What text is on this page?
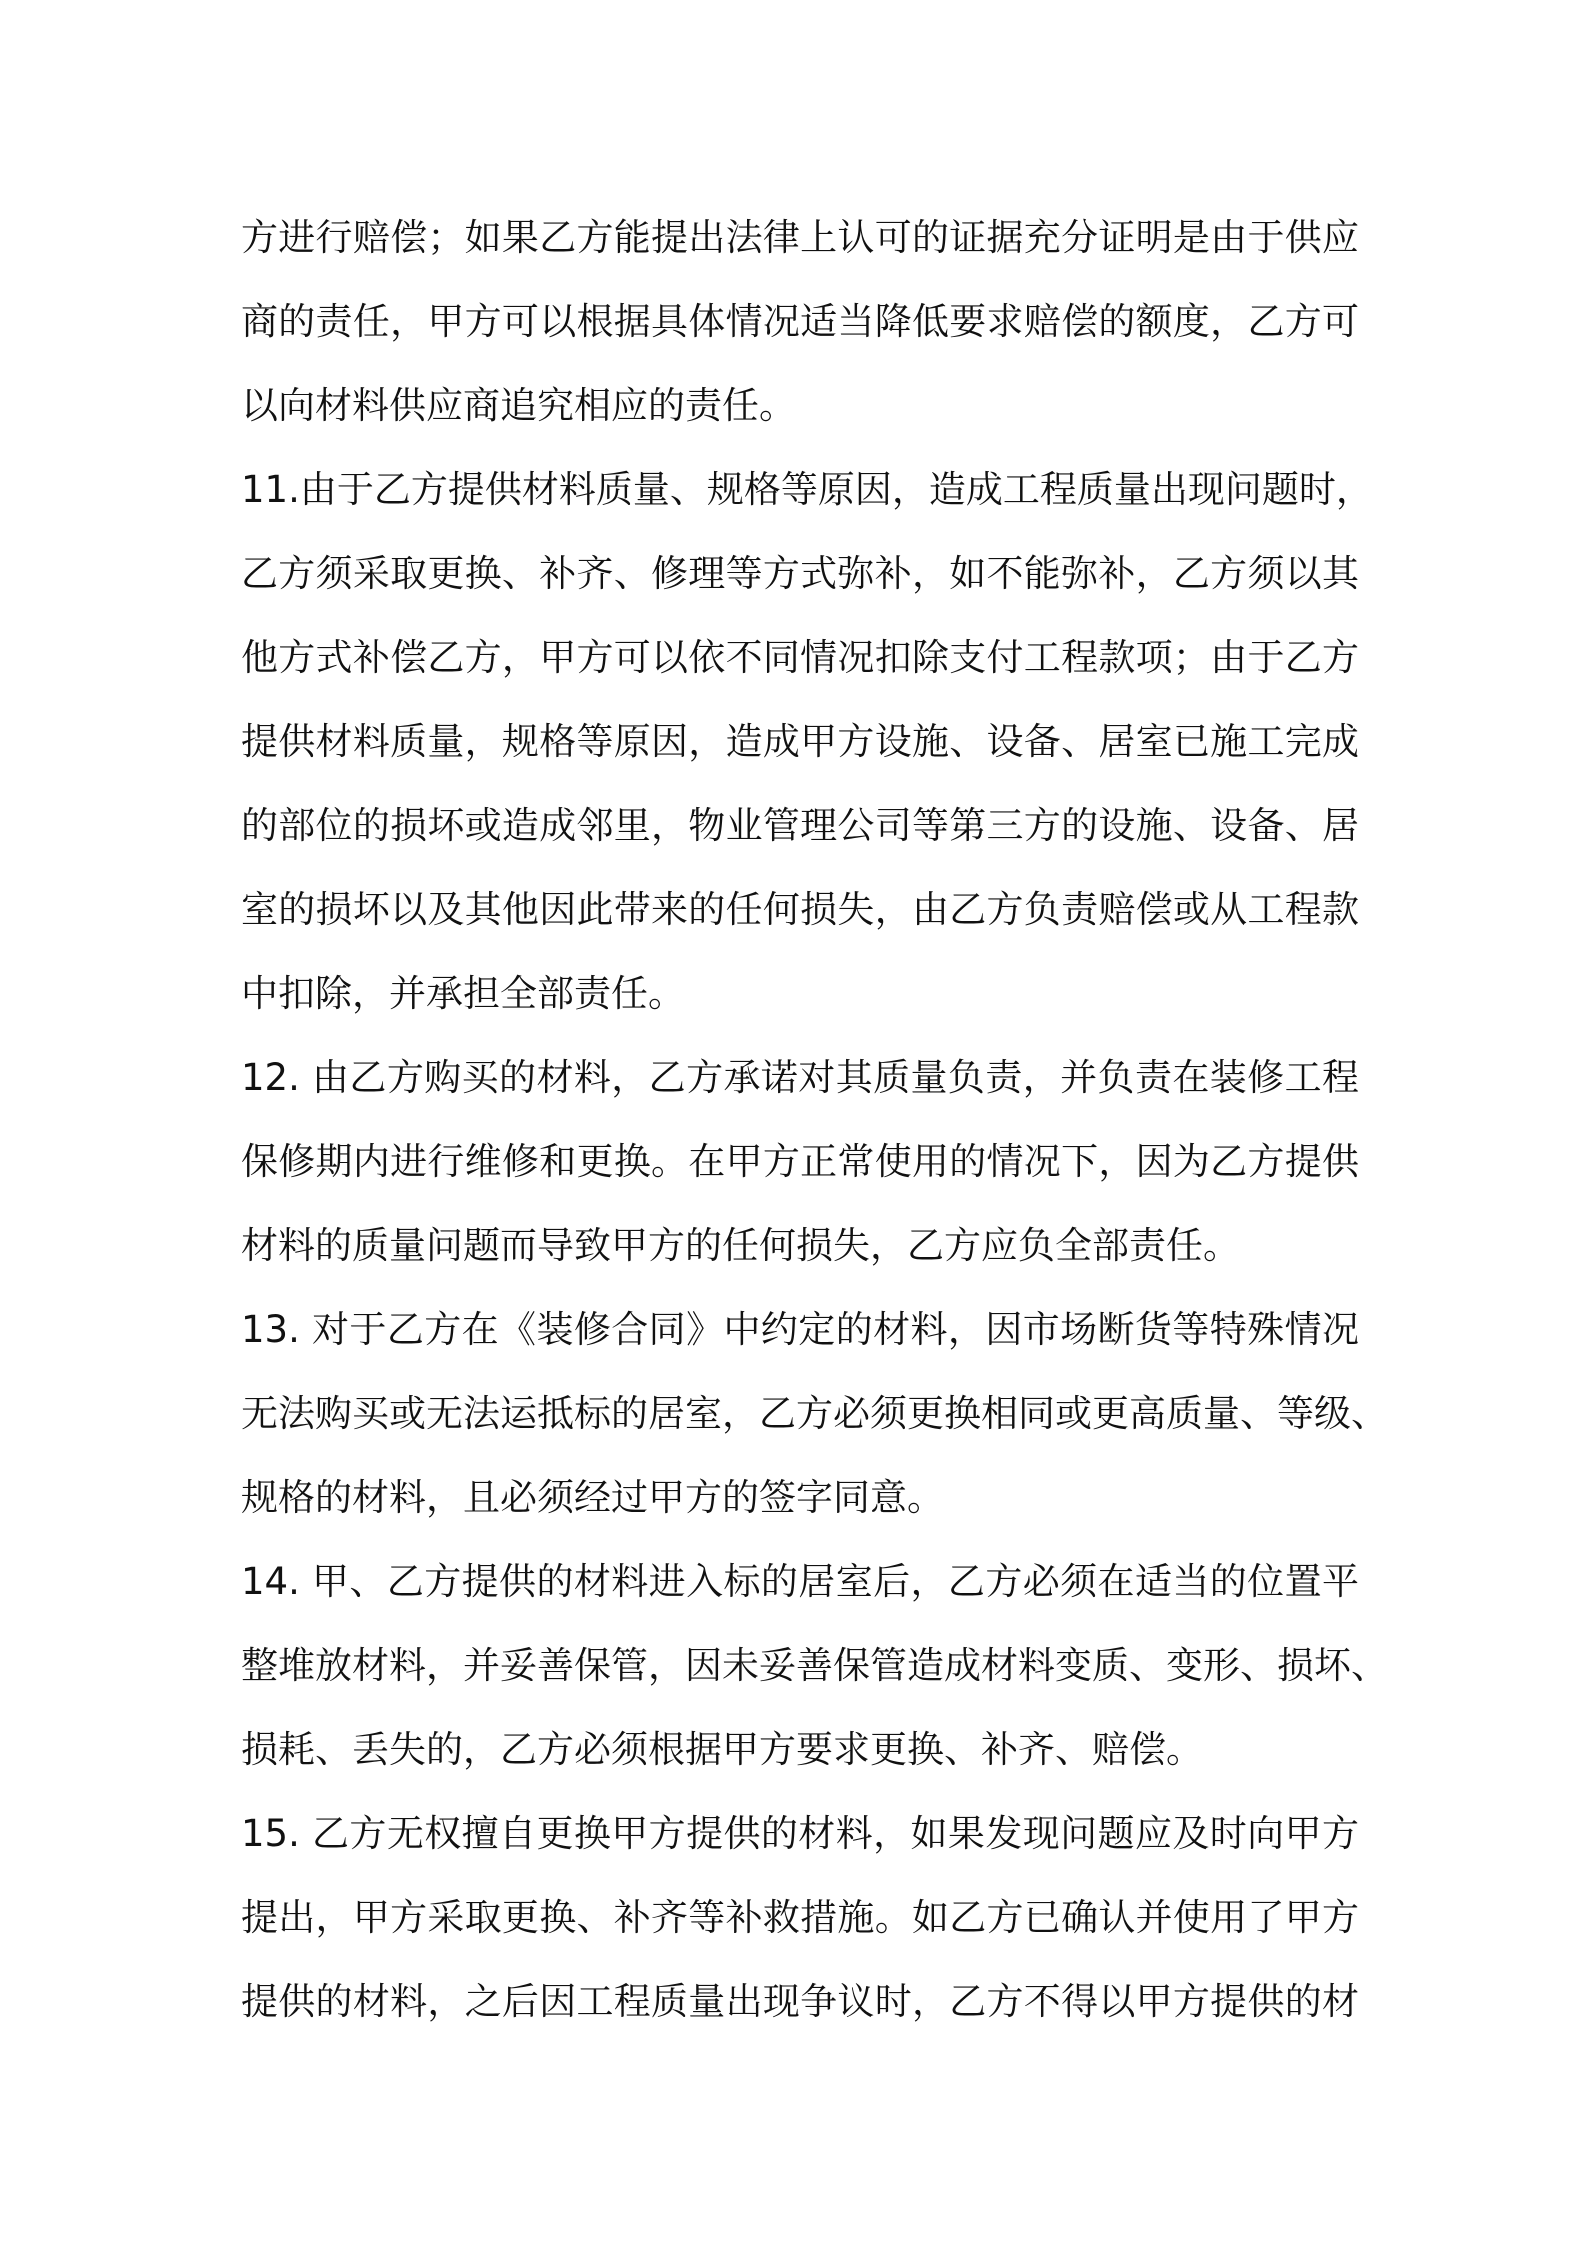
方进行赔偿；如果乙方能提出法律上认可的证据充分证明是由于供应
商的责任，甲方可以根据具体情况适当降低要求赔偿的额度，乙方可
以向材料供应商追究相应的责任。
11.由于乙方提供材料质量、规格等原因，造成工程质量出现问题时，
乙方须采取更换、补齐、修理等方式弥补，如不能弥补，乙方须以其
他方式补偿乙方，甲方可以依不同情况扣除支付工程款项；由于乙方
提供材料质量，规格等原因，造成甲方设施、设备、居室已施工完成
的部位的损坏或造成邻里，物业管理公司等第三方的设施、设备、居
室的损坏以及其他因此带来的任何损失，由乙方负责赔偿或从工程款
中扣除，并承担全部责任。
12. 由乙方购买的材料，乙方承诺对其质量负责，并负责在装修工程
保修期内进行维修和更换。在甲方正常使用的情况下，因为乙方提供
材料的质量问题而导致甲方的任何损失，乙方应负全部责任。
13. 对于乙方在《装修合同》中约定的材料，因市场断货等特殊情况
无法购买或无法运抵标的居室，乙方必须更换相同或更高质量、等级、
规格的材料，且必须经过甲方的签字同意。
14. 甲、乙方提供的材料进入标的居室后，乙方必须在适当的位置平
整堆放材料，并妥善保管，因未妥善保管造成材料变质、变形、损坏、
损耗、丢失的，乙方必须根据甲方要求更换、补齐、赔偿。
15. 乙方无权擅自更换甲方提供的材料，如果发现问题应及时向甲方
提出，甲方采取更换、补齐等补救措施。如乙方已确认并使用了甲方
提供的材料，之后因工程质量出现争议时，乙方不得以甲方提供的材
